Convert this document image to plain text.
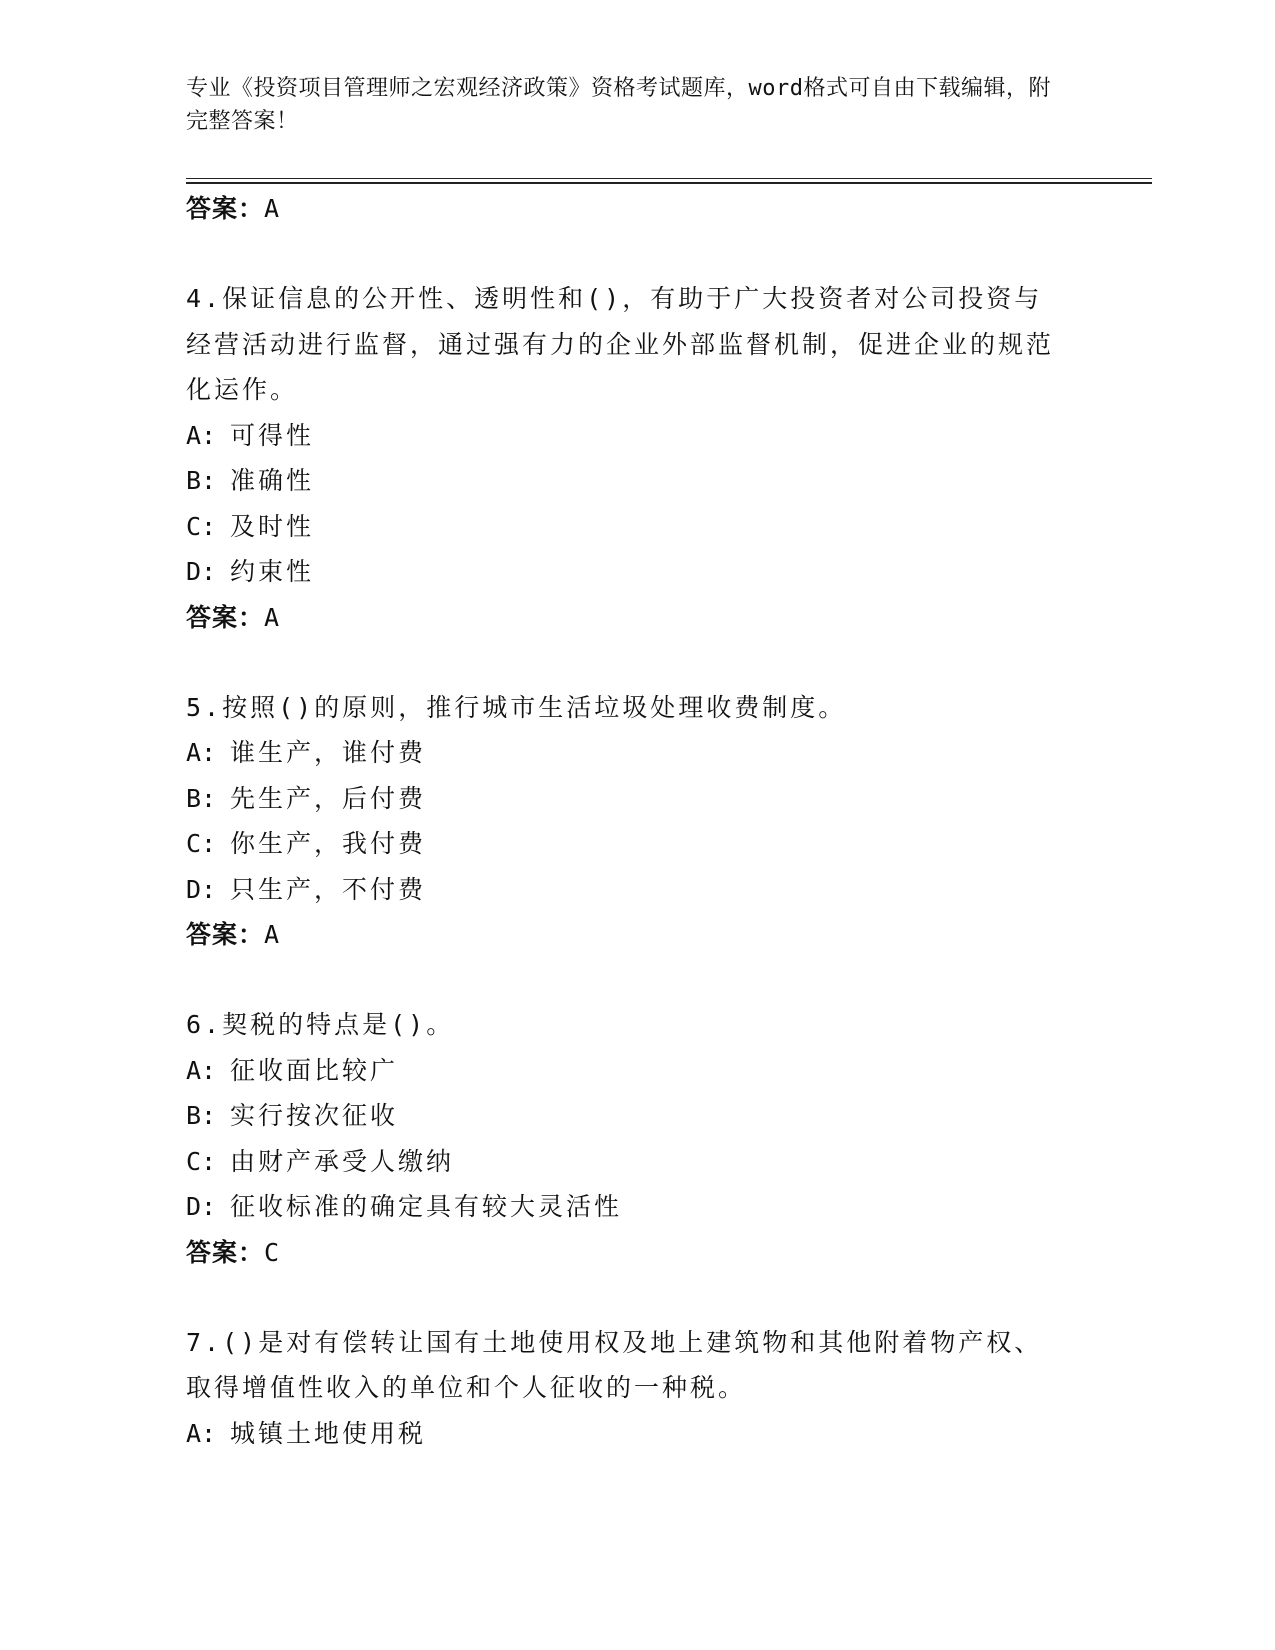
专业《投资项目管理师之宏观经济政策》资格考试题库，word格式可自由下载编辑，附完整答案！
答案：A
4.保证信息的公开性、透明性和()，有助于广大投资者对公司投资与经营活动进行监督，通过强有力的企业外部监督机制，促进企业的规范化运作。
A: 可得性
B: 准确性
C: 及时性
D: 约束性
答案：A
5.按照()的原则，推行城市生活垃圾处理收费制度。
A: 谁生产，谁付费
B: 先生产，后付费
C: 你生产，我付费
D: 只生产，不付费
答案：A
6.契税的特点是()。
A: 征收面比较广
B: 实行按次征收
C: 由财产承受人缴纳
D: 征收标准的确定具有较大灵活性
答案：C
7.()是对有偿转让国有土地使用权及地上建筑物和其他附着物产权、取得增值性收入的单位和个人征收的一种税。
A: 城镇土地使用税
